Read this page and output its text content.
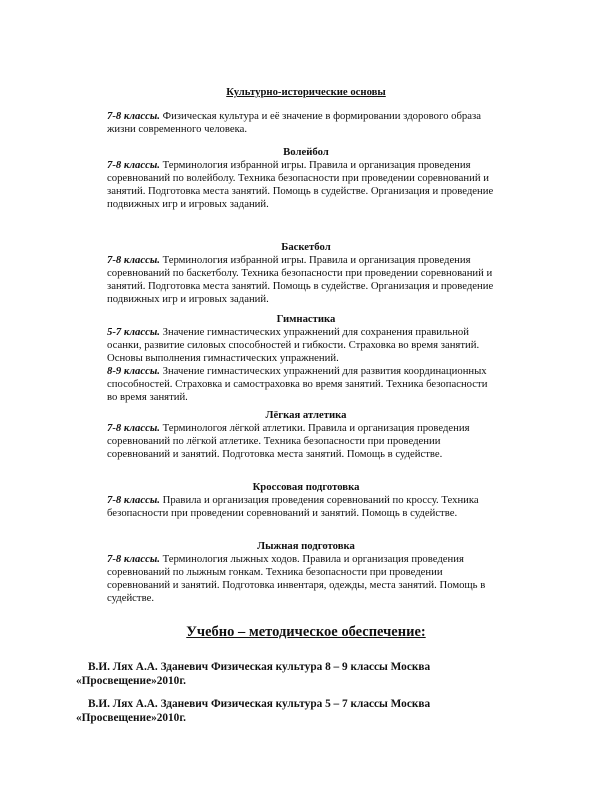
Культурно-исторические основы

7-8 классы. Физическая культура и её значение в формировании здорового образа жизни современного человека.

Волейбол

7-8 классы. Терминология избранной игры. Правила и организация проведения соревнований по волейболу. Техника безопасности при проведении соревнований и занятий. Подготовка места занятий. Помощь в судействе. Организация и проведение подвижных игр и игровых заданий.

Баскетбол

7-8 классы. Терминология избранной игры. Правила и организация проведения соревнований по баскетболу. Техника безопасности при проведении соревнований и занятий. Подготовка места занятий. Помощь в судействе. Организация и проведение подвижных игр и игровых заданий.

Гимнастика

5-7 классы. Значение гимнастических упражнений для сохранения правильной осанки, развитие силовых способностей и гибкости. Страховка во время занятий. Основы выполнения гимнастических упражнений.

8-9 классы. Значение гимнастических упражнений для развития координационных способностей. Страховка и самостраховка во время занятий. Техника безопасности во время занятий.

Лёгкая атлетика

7-8 классы. Терминологоя лёгкой атлетики. Правила и организация проведения соревнований по лёгкой атлетике. Техника безопасности при проведении соревнований и занятий. Подготовка места занятий. Помощь в судействе.

Кроссовая подготовка

7-8 классы. Правила и организация проведения соревнований по кроссу. Техника безопасности при проведении соревнований и занятий. Помощь в судействе.

Лыжная подготовка

7-8 классы. Терминология лыжных ходов. Правила и организация проведения соревнований по лыжным гонкам. Техника безопасности при проведении соревнований и занятий. Подготовка инвентаря, одежды, места занятий. Помощь в судействе.

Учебно – методическое обеспечение:

В.И. Лях А.А. Зданевич Физическая культура 8 – 9 классы Москва
«Просвещение»2010г.

В.И. Лях А.А. Зданевич Физическая культура 5 – 7 классы Москва
«Просвещение»2010г.
